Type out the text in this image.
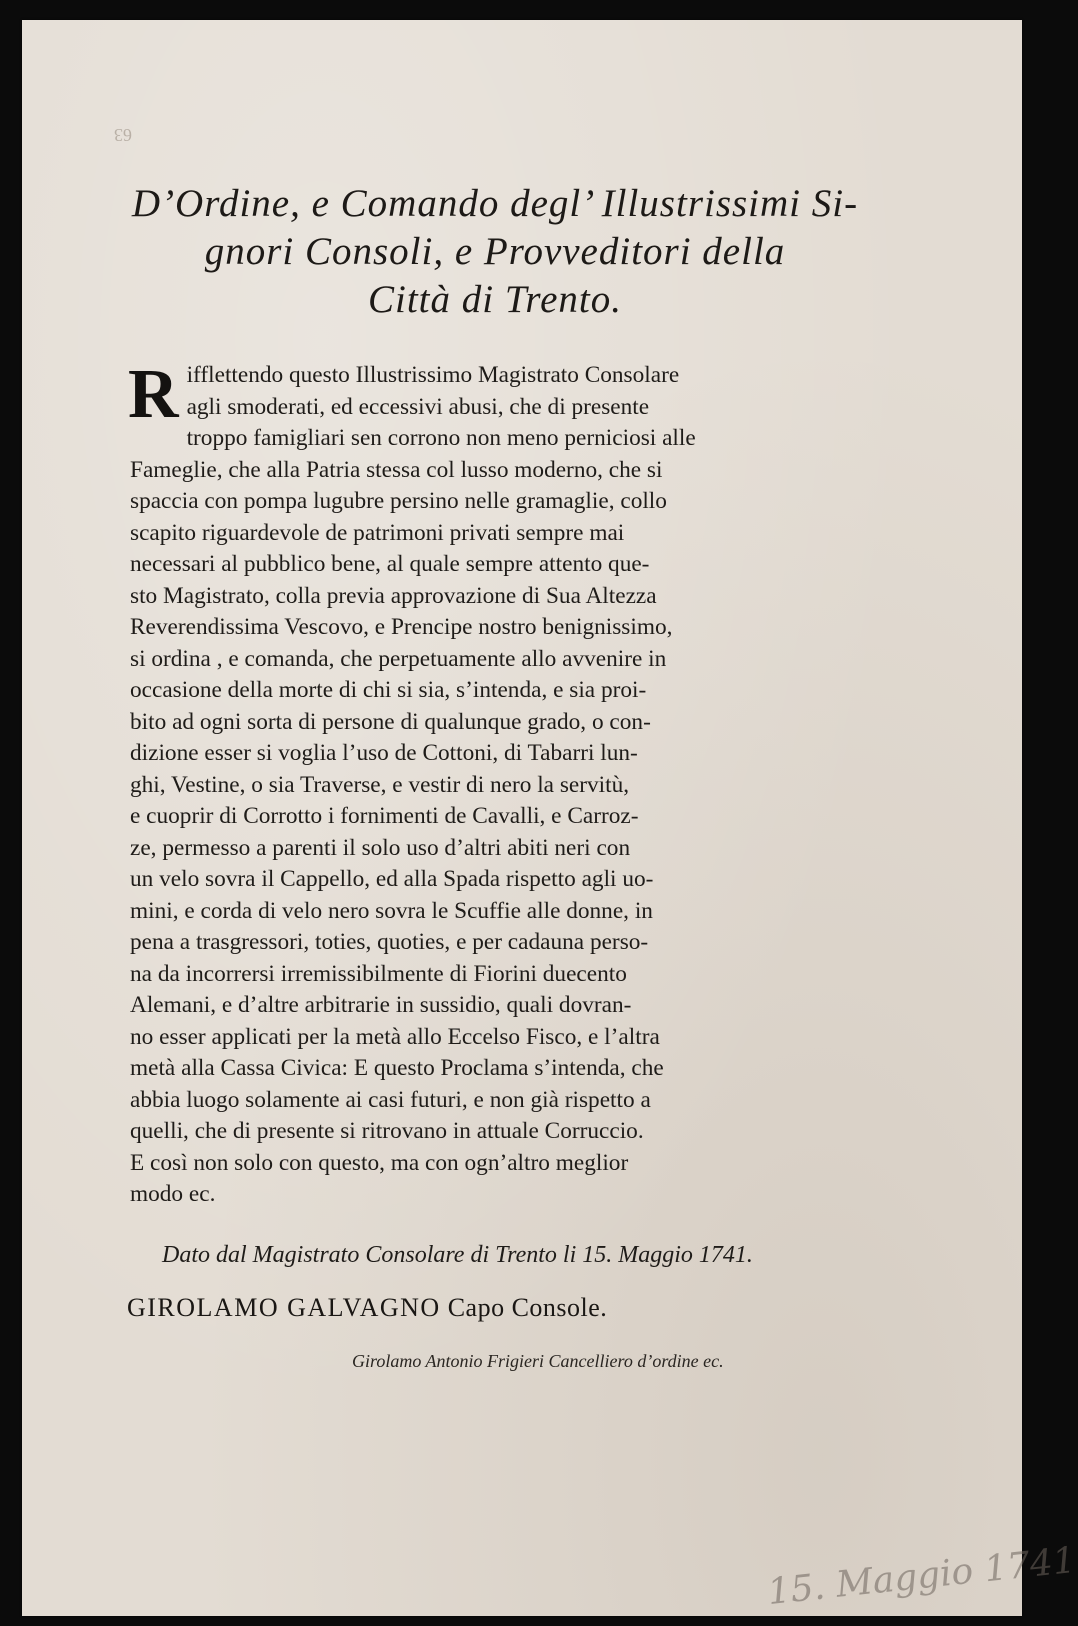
63
D’Ordine, e Comando degl’ Illustrissimi Si-
gnori Consoli, e Provveditori della
Città di Trento.
R ifflettendo questo Illustrissimo Magistrato Consolare
agli smoderati, ed eccessivi abusi, che di presente
troppo famigliari sen corrono non meno perniciosi alle
Fameglie, che alla Patria stessa col lusso moderno, che si
spaccia con pompa lugubre persino nelle gramaglie, collo
scapito riguardevole de patrimoni privati sempre mai
necessari al pubblico bene, al quale sempre attento que-
sto Magistrato, colla previa approvazione di Sua Altezza
Reverendissima Vescovo, e Prencipe nostro benignissimo,
si ordina , e comanda, che perpetuamente allo avvenire in
occasione della morte di chi si sia, s’intenda, e sia proi-
bito ad ogni sorta di persone di qualunque grado, o con-
dizione esser si voglia l’uso de Cottoni, di Tabarri lun-
ghi, Vestine, o sia Traverse, e vestir di nero la servitù,
e cuoprir di Corrotto i fornimenti de Cavalli, e Carroz-
ze, permesso a parenti il solo uso d’altri abiti neri con
un velo sovra il Cappello, ed alla Spada rispetto agli uo-
mini, e corda di velo nero sovra le Scuffie alle donne, in
pena a trasgressori, toties, quoties, e per cadauna perso-
na da incorrersi irremissibilmente di Fiorini duecento
Alemani, e d’altre arbitrarie in sussidio, quali dovran-
no esser applicati per la metà allo Eccelso Fisco, e l’altra
metà alla Cassa Civica: E questo Proclama s’intenda, che
abbia luogo solamente ai casi futuri, e non già rispetto a
quelli, che di presente si ritrovano in attuale Corruccio.
E così non solo con questo, ma con ogn’altro meglior
modo ec.
Dato dal Magistrato Consolare di Trento li 15. Maggio 1741.
GIROLAMO GALVAGNO Capo Consolе.
Girolamo Antonio Frigieri Cancelliero d’ordine ec.
15. Maggio 1741
